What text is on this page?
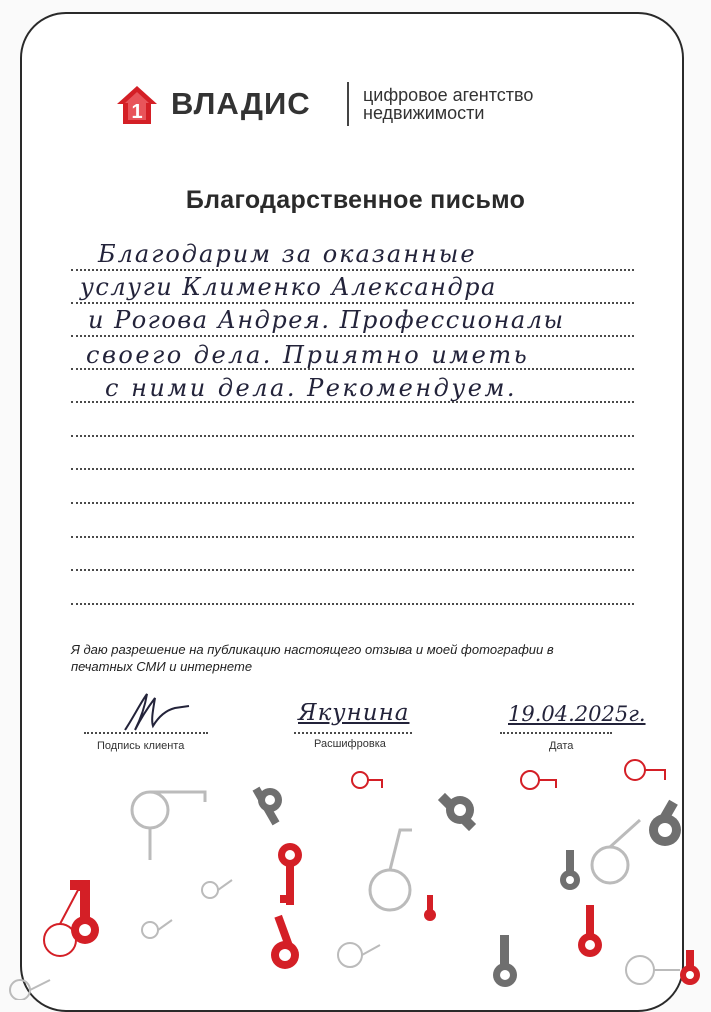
1 ВЛАДИС	цифровое агентство
недвижимости
Благодарственное письмо
Благодарим за оказанные
услуги Клименко Александра
и Рогова Андрея. Профессионалы
своего дела. Приятно иметь
с ними дела. Рекомендуем.
Я даю разрешение на публикацию настоящего отзыва и моей фотографии в печатных СМИ и интернете
Подпись клиента
Якунина
Расшифровка
19.04.2025г.
Дата
